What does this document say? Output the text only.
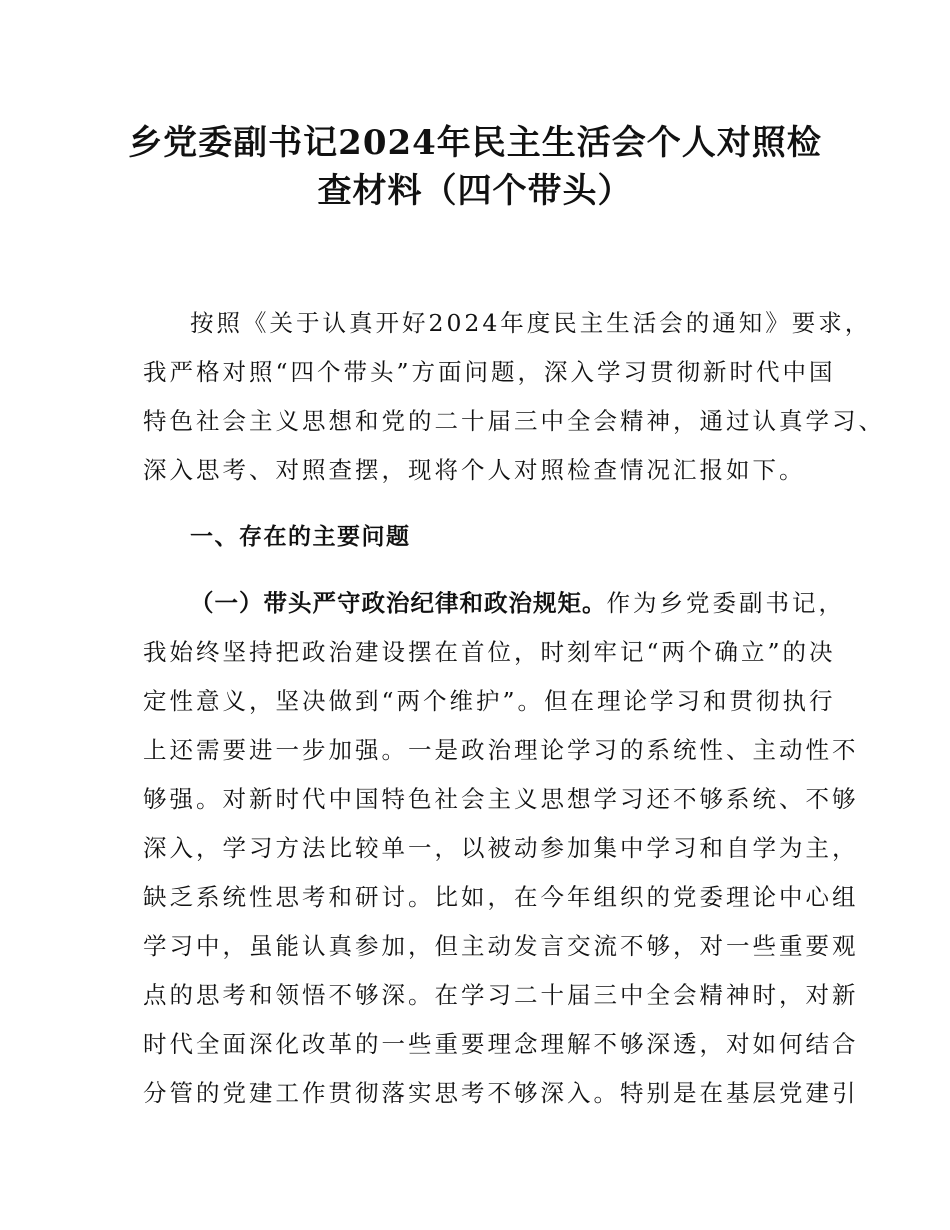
乡党委副书记2024年民主生活会个人对照检
查材料（四个带头）
按照《关于认真开好2024年度民主生活会的通知》要求，
我严格对照“四个带头”方面问题，深入学习贯彻新时代中国
特色社会主义思想和党的二十届三中全会精神，通过认真学习、
深入思考、对照查摆，现将个人对照检查情况汇报如下。
一、存在的主要问题
（一）带头严守政治纪律和政治规矩。作为乡党委副书记，
我始终坚持把政治建设摆在首位，时刻牢记“两个确立”的决
定性意义，坚决做到“两个维护”。但在理论学习和贯彻执行
上还需要进一步加强。一是政治理论学习的系统性、主动性不
够强。对新时代中国特色社会主义思想学习还不够系统、不够
深入，学习方法比较单一，以被动参加集中学习和自学为主，
缺乏系统性思考和研讨。比如，在今年组织的党委理论中心组
学习中，虽能认真参加，但主动发言交流不够，对一些重要观
点的思考和领悟不够深。在学习二十届三中全会精神时，对新
时代全面深化改革的一些重要理念理解不够深透，对如何结合
分管的党建工作贯彻落实思考不够深入。特别是在基层党建引
